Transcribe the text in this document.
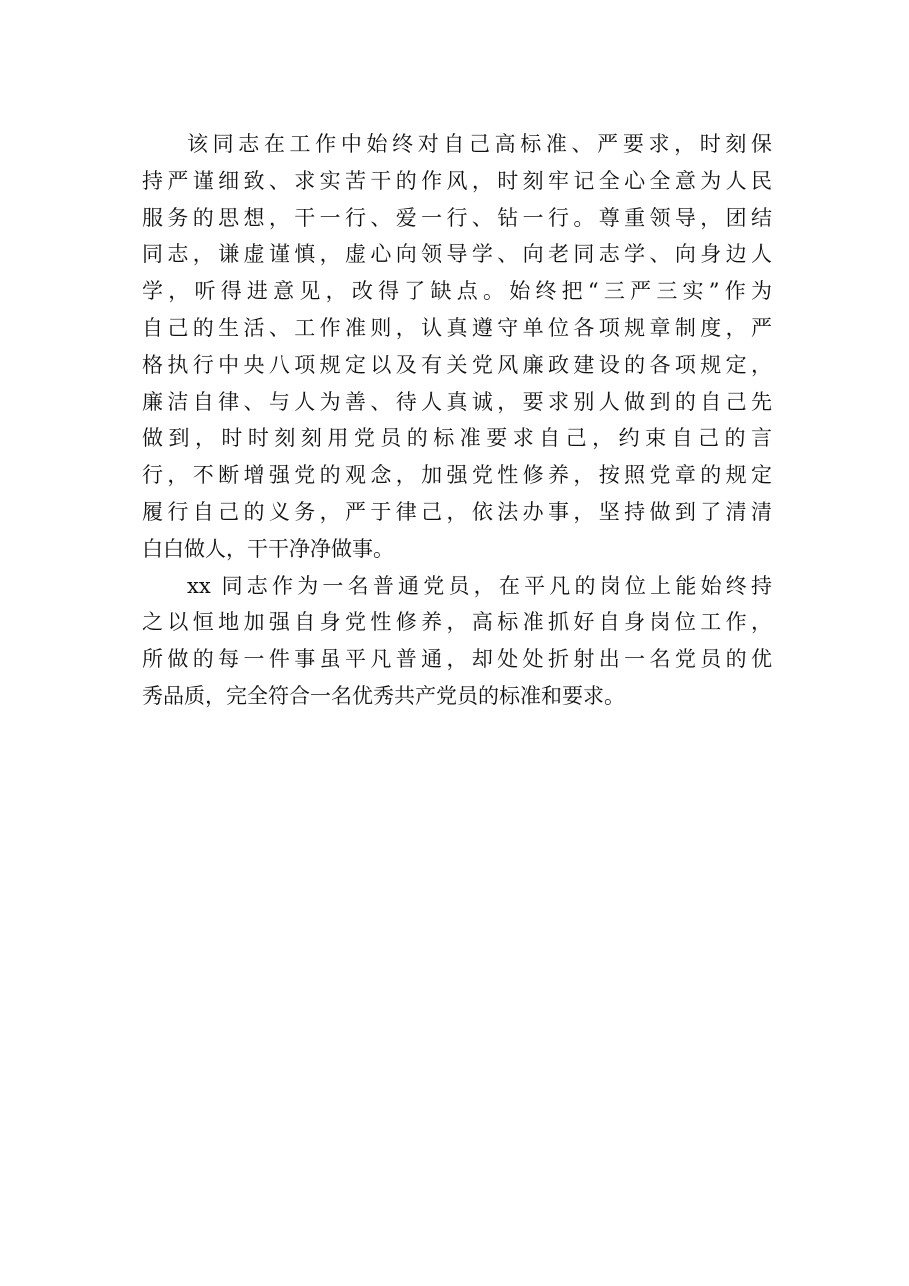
该同志在工作中始终对自己高标准、严要求，时刻保
持严谨细致、求实苦干的作风，时刻牢记全心全意为人民
服务的思想，干一行、爱一行、钻一行。尊重领导，团结
同志，谦虚谨慎，虚心向领导学、向老同志学、向身边人
学，听得进意见，改得了缺点。始终把“三严三实”作为
自己的生活、工作准则，认真遵守单位各项规章制度，严
格执行中央八项规定以及有关党风廉政建设的各项规定，
廉洁自律、与人为善、待人真诚，要求别人做到的自己先
做到，时时刻刻用党员的标准要求自己，约束自己的言
行，不断增强党的观念，加强党性修养，按照党章的规定
履行自己的义务，严于律己，依法办事，坚持做到了清清
白白做人，干干净净做事。
xx 同志作为一名普通党员，在平凡的岗位上能始终持
之以恒地加强自身党性修养，高标准抓好自身岗位工作，
所做的每一件事虽平凡普通，却处处折射出一名党员的优
秀品质，完全符合一名优秀共产党员的标准和要求。
